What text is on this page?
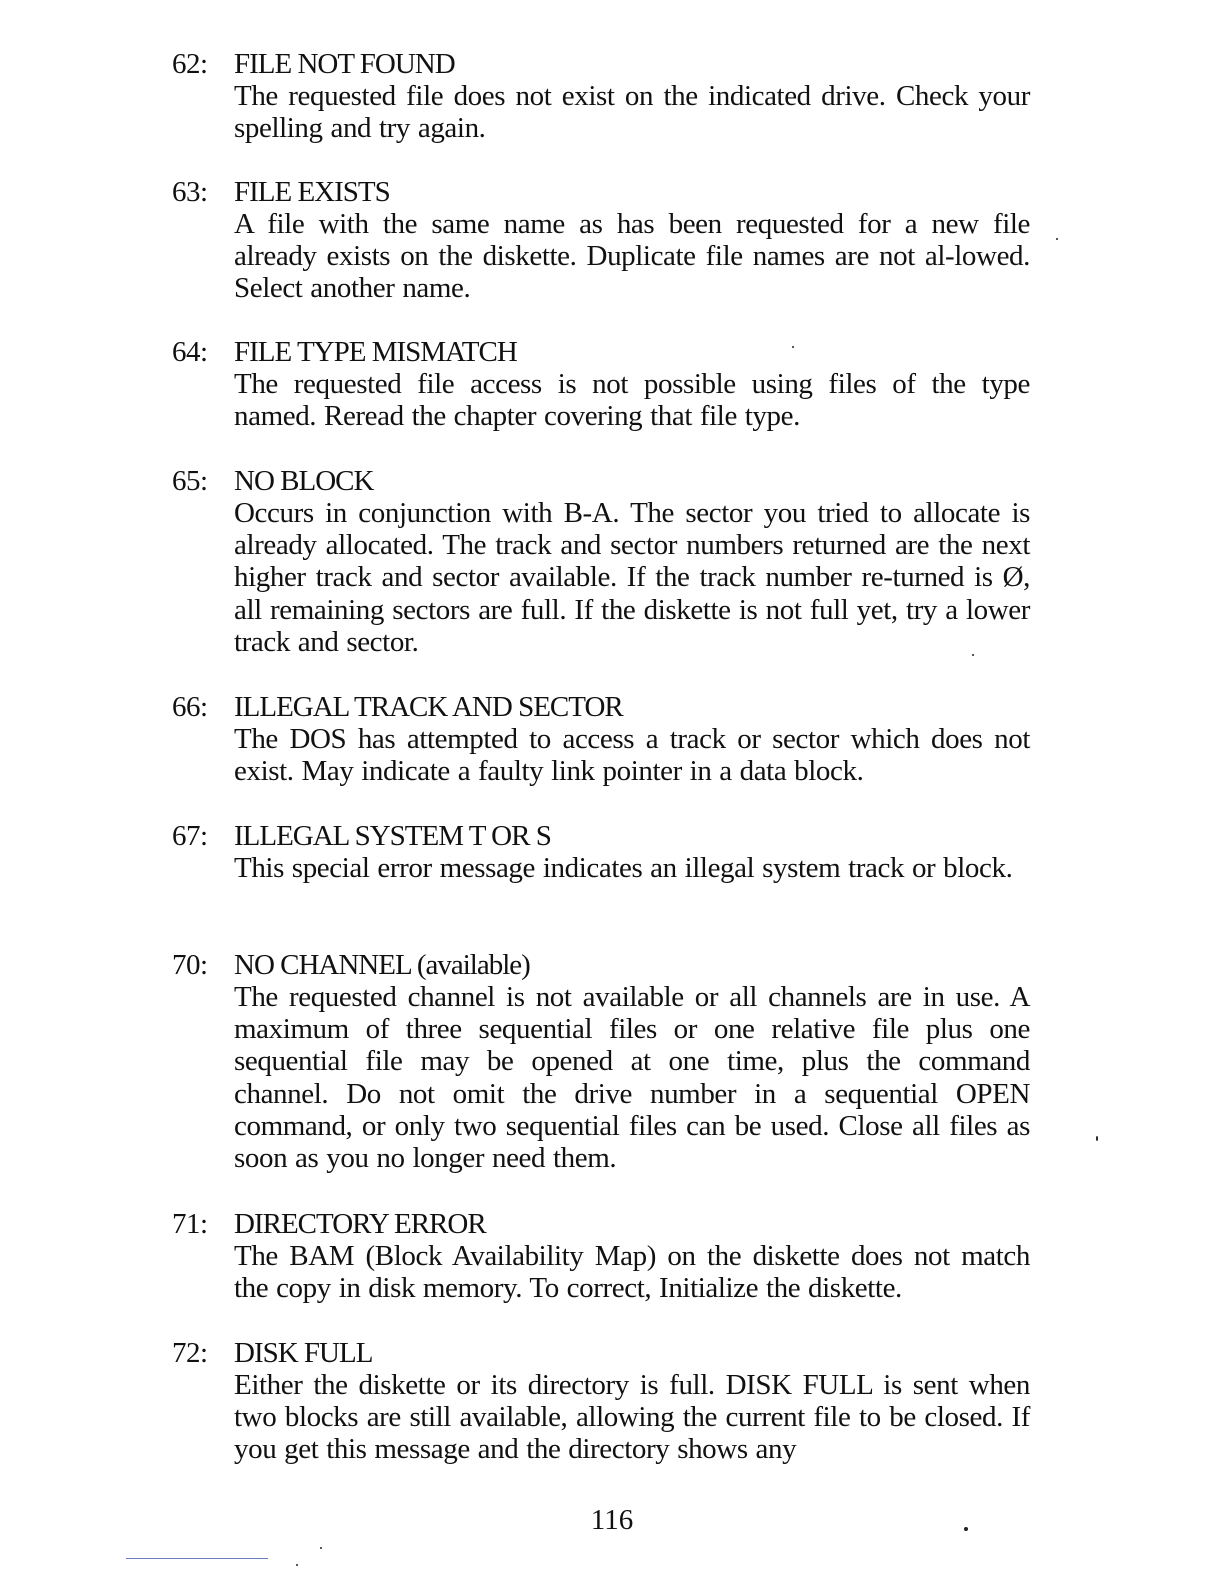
62: FILE NOT FOUND
The requested file does not exist on the indicated drive. Check your spelling and try again.
63: FILE EXISTS
A file with the same name as has been requested for a new file already exists on the diskette. Duplicate file names are not al-lowed. Select another name.
64: FILE TYPE MISMATCH
The requested file access is not possible using files of the type named. Reread the chapter covering that file type.
65: NO BLOCK
Occurs in conjunction with B-A. The sector you tried to allocate is already allocated. The track and sector numbers returned are the next higher track and sector available. If the track number re-turned is Ø, all remaining sectors are full. If the diskette is not full yet, try a lower track and sector.
66: ILLEGAL TRACK AND SECTOR
The DOS has attempted to access a track or sector which does not exist. May indicate a faulty link pointer in a data block.
67: ILLEGAL SYSTEM T OR S
This special error message indicates an illegal system track or block.
70: NO CHANNEL (available)
The requested channel is not available or all channels are in use. A maximum of three sequential files or one relative file plus one sequential file may be opened at one time, plus the command channel. Do not omit the drive number in a sequential OPEN command, or only two sequential files can be used. Close all files as soon as you no longer need them.
71: DIRECTORY ERROR
The BAM (Block Availability Map) on the diskette does not match the copy in disk memory. To correct, Initialize the diskette.
72: DISK FULL
Either the diskette or its directory is full. DISK FULL is sent when two blocks are still available, allowing the current file to be closed. If you get this message and the directory shows any
116
